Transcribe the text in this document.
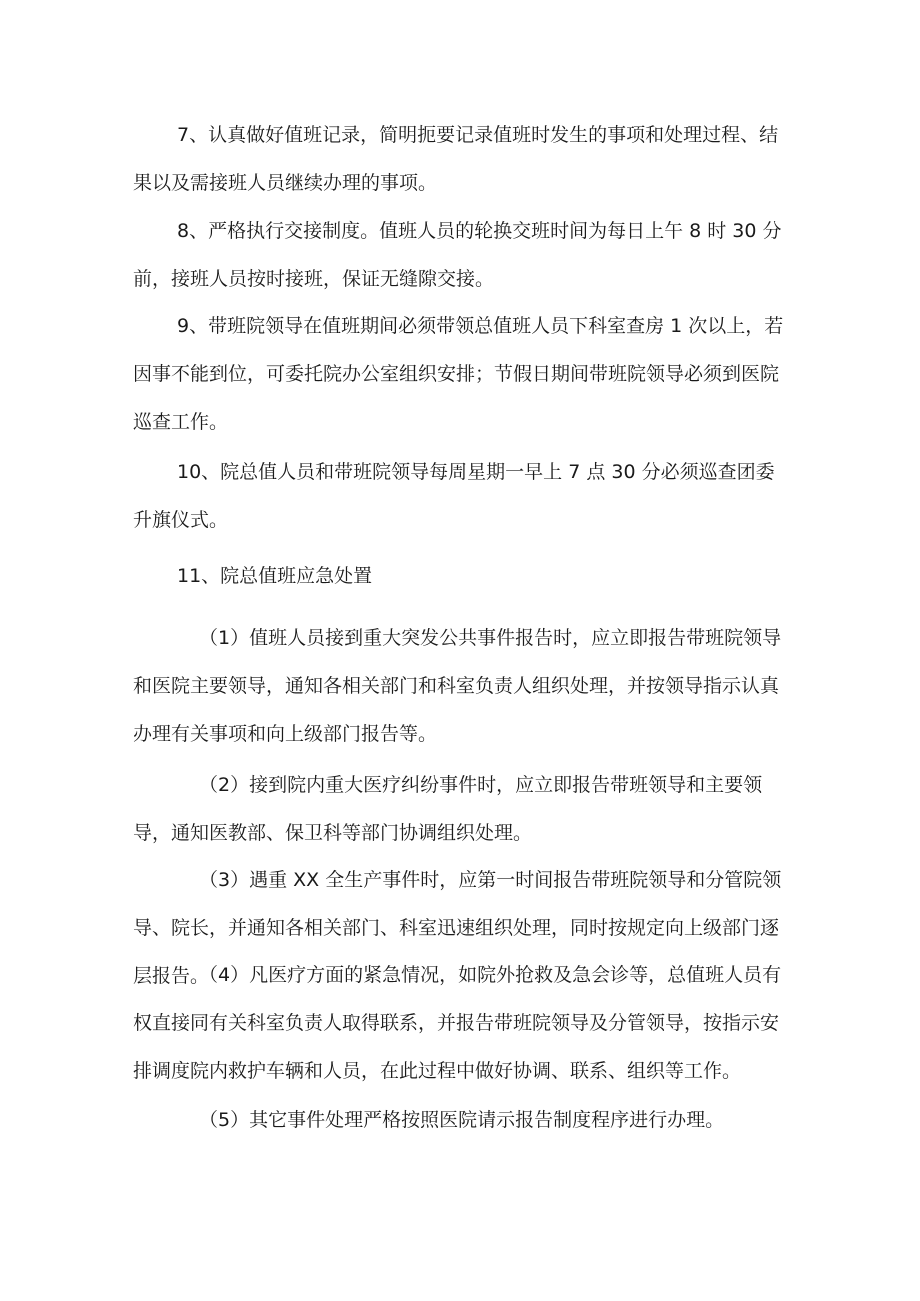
7、认真做好值班记录，简明扼要记录值班时发生的事项和处理过程、结果以及需接班人员继续办理的事项。

8、严格执行交接制度。值班人员的轮换交班时间为每日上午 8 时 30 分前，接班人员按时接班，保证无缝隙交接。

9、带班院领导在值班期间必须带领总值班人员下科室查房 1 次以上，若因事不能到位，可委托院办公室组织安排；节假日期间带班院领导必须到医院巡查工作。

10、院总值人员和带班院领导每周星期一早上 7 点 30 分必须巡查团委升旗仪式。

11、院总值班应急处置

（1）值班人员接到重大突发公共事件报告时，应立即报告带班院领导和医院主要领导，通知各相关部门和科室负责人组织处理，并按领导指示认真办理有关事项和向上级部门报告等。

（2）接到院内重大医疗纠纷事件时，应立即报告带班领导和主要领导，通知医教部、保卫科等部门协调组织处理。

（3）遇重 XX 全生产事件时，应第一时间报告带班院领导和分管院领导、院长，并通知各相关部门、科室迅速组织处理，同时按规定向上级部门逐层报告。

（4）凡医疗方面的紧急情况，如院外抢救及急会诊等，总值班人员有权直接同有关科室负责人取得联系，并报告带班院领导及分管领导，按指示安排调度院内救护车辆和人员，在此过程中做好协调、联系、组织等工作。

（5）其它事件处理严格按照医院请示报告制度程序进行办理。
